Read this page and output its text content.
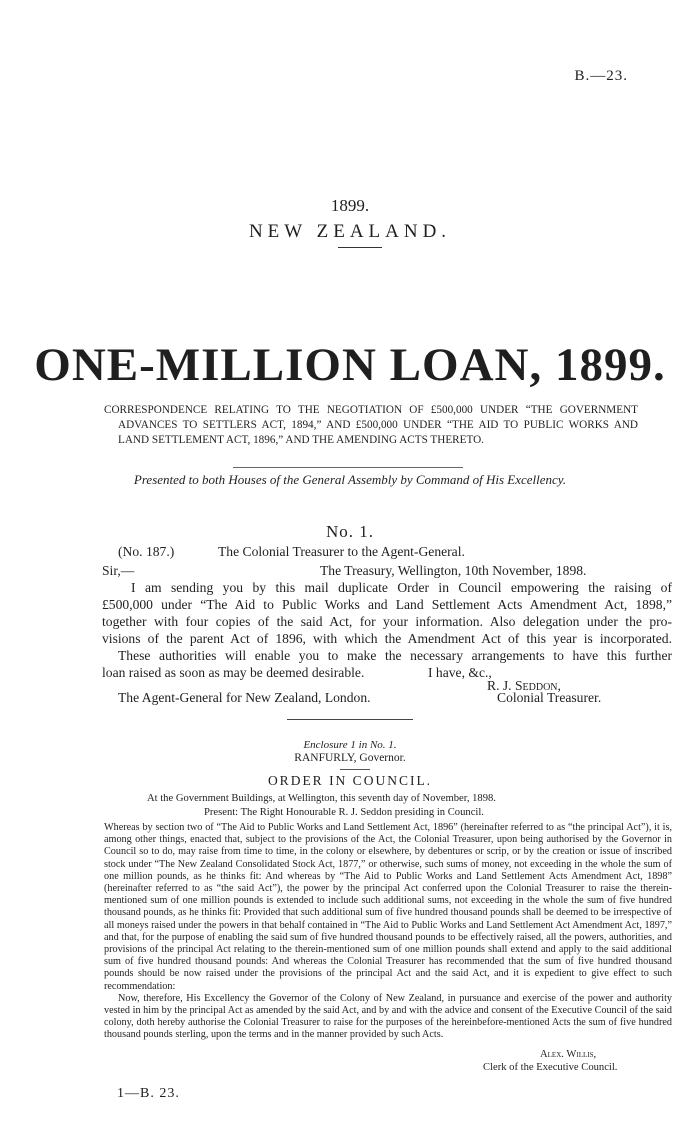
B.—23.
1899.
NEW ZEALAND.
ONE-MILLION LOAN, 1899.
CORRESPONDENCE RELATING TO THE NEGOTIATION OF £500,000 UNDER “THE GOVERNMENT ADVANCES TO SETTLERS ACT, 1894,” AND £500,000 UNDER “THE AID TO PUBLIC WORKS AND LAND SETTLEMENT ACT, 1896,” AND THE AMENDING ACTS THERETO.
Presented to both Houses of the General Assembly by Command of His Excellency.
No. 1.
(No. 187.)	The Colonial Treasurer to the Agent-General.
Sir,—	The Treasury, Wellington, 10th November, 1898.
I am sending you by this mail duplicate Order in Council empowering the raising of
£500,000 under “The Aid to Public Works and Land Settlement Acts Amendment Act, 1898,”
together with four copies of the said Act, for your information. Also delegation under the pro-
visions of the parent Act of 1896, with which the Amendment Act of this year is incorporated.
These authorities will enable you to make the necessary arrangements to have this further
loan raised as soon as may be deemed desirable.	I have, &c.,
R. J. Seddon,
The Agent-General for New Zealand, London.	Colonial Treasurer.
Enclosure 1 in No. 1.
RANFURLY, Governor.
ORDER IN COUNCIL.
At the Government Buildings, at Wellington, this seventh day of November, 1898.
Present: The Right Honourable R. J. Seddon presiding in Council.

Whereas by section two of “The Aid to Public Works and Land Settlement Act, 1896” (hereinafter referred to as “the principal Act”), it is, among other things, enacted that, subject to the provisions of the Act, the Colonial Treasurer, upon being authorised by the Governor in Council so to do, may raise from time to time, in the colony or elsewhere, by debentures or scrip, or by the creation or issue of inscribed stock under “The New Zealand Consolidated Stock Act, 1877,” or otherwise, such sums of money, not exceeding in the whole the sum of one million pounds, as he thinks fit: And whereas by “The Aid to Public Works and Land Settlement Acts Amendment Act, 1898” (hereinafter referred to as “the said Act”), the power by the principal Act conferred upon the Colonial Treasurer to raise the therein-mentioned sum of one million pounds is extended to include such additional sums, not exceeding in the whole the sum of five hundred thousand pounds, as he thinks fit: Provided that such additional sum of five hundred thousand pounds shall be deemed to be irrespective of all moneys raised under the powers in that behalf contained in “The Aid to Public Works and Land Settlement Act Amendment Act, 1897,” and that, for the purpose of enabling the said sum of five hundred thousand pounds to be effectively raised, all the powers, authorities, and provisions of the principal Act relating to the therein-mentioned sum of one million pounds shall extend and apply to the said additional sum of five hundred thousand pounds: And whereas the Colonial Treasurer has recommended that the sum of five hundred thousand pounds should be now raised under the provisions of the principal Act and the said Act, and it is expedient to give effect to such recommendation:

Now, therefore, His Excellency the Governor of the Colony of New Zealand, in pursuance and exercise of the power and authority vested in him by the principal Act as amended by the said Act, and by and with the advice and consent of the Executive Council of the said colony, doth hereby authorise the Colonial Treasurer to raise for the purposes of the hereinbefore-mentioned Acts the sum of five hundred thousand pounds sterling, upon the terms and in the manner provided by such Acts.

Alex. Willis,
Clerk of the Executive Council.
1—B. 23.
